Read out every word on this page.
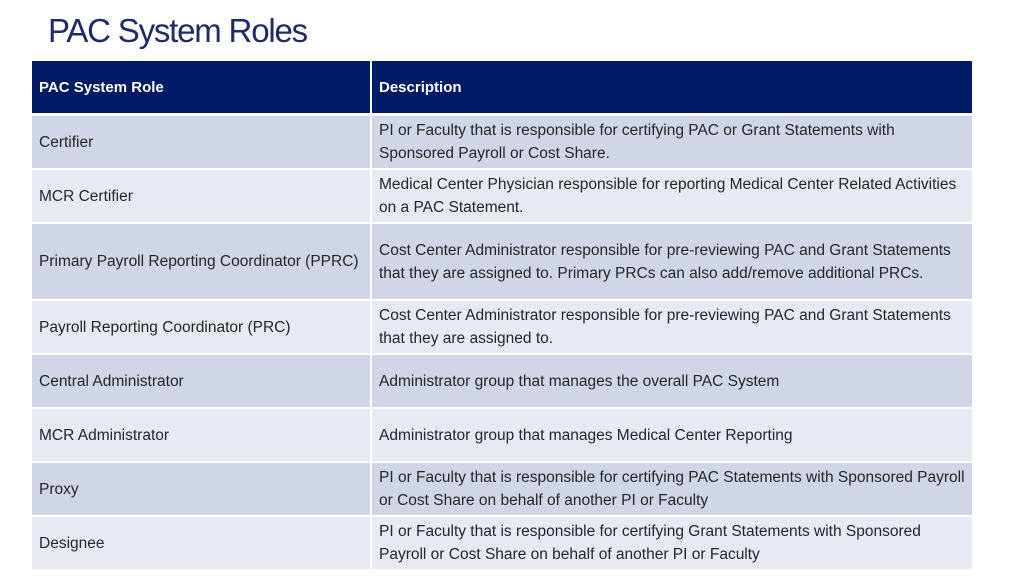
PAC System Roles
PAC System Role	Description
Certifier	PI or Faculty that is responsible for certifying PAC or Grant Statements with Sponsored Payroll or Cost Share.
MCR Certifier	Medical Center Physician responsible for reporting Medical Center Related Activities on a PAC Statement.
Primary Payroll Reporting Coordinator (PPRC)	Cost Center Administrator responsible for pre-reviewing PAC and Grant Statements that they are assigned to. Primary PRCs can also add/remove additional PRCs.
Payroll Reporting Coordinator (PRC)	Cost Center Administrator responsible for pre-reviewing PAC and Grant Statements that they are assigned to.
Central Administrator	Administrator group that manages the overall PAC System
MCR Administrator	Administrator group that manages Medical Center Reporting
Proxy	PI or Faculty that is responsible for certifying PAC Statements with Sponsored Payroll or Cost Share on behalf of another PI or Faculty
Designee	PI or Faculty that is responsible for certifying Grant Statements with Sponsored Payroll or Cost Share on behalf of another PI or Faculty
